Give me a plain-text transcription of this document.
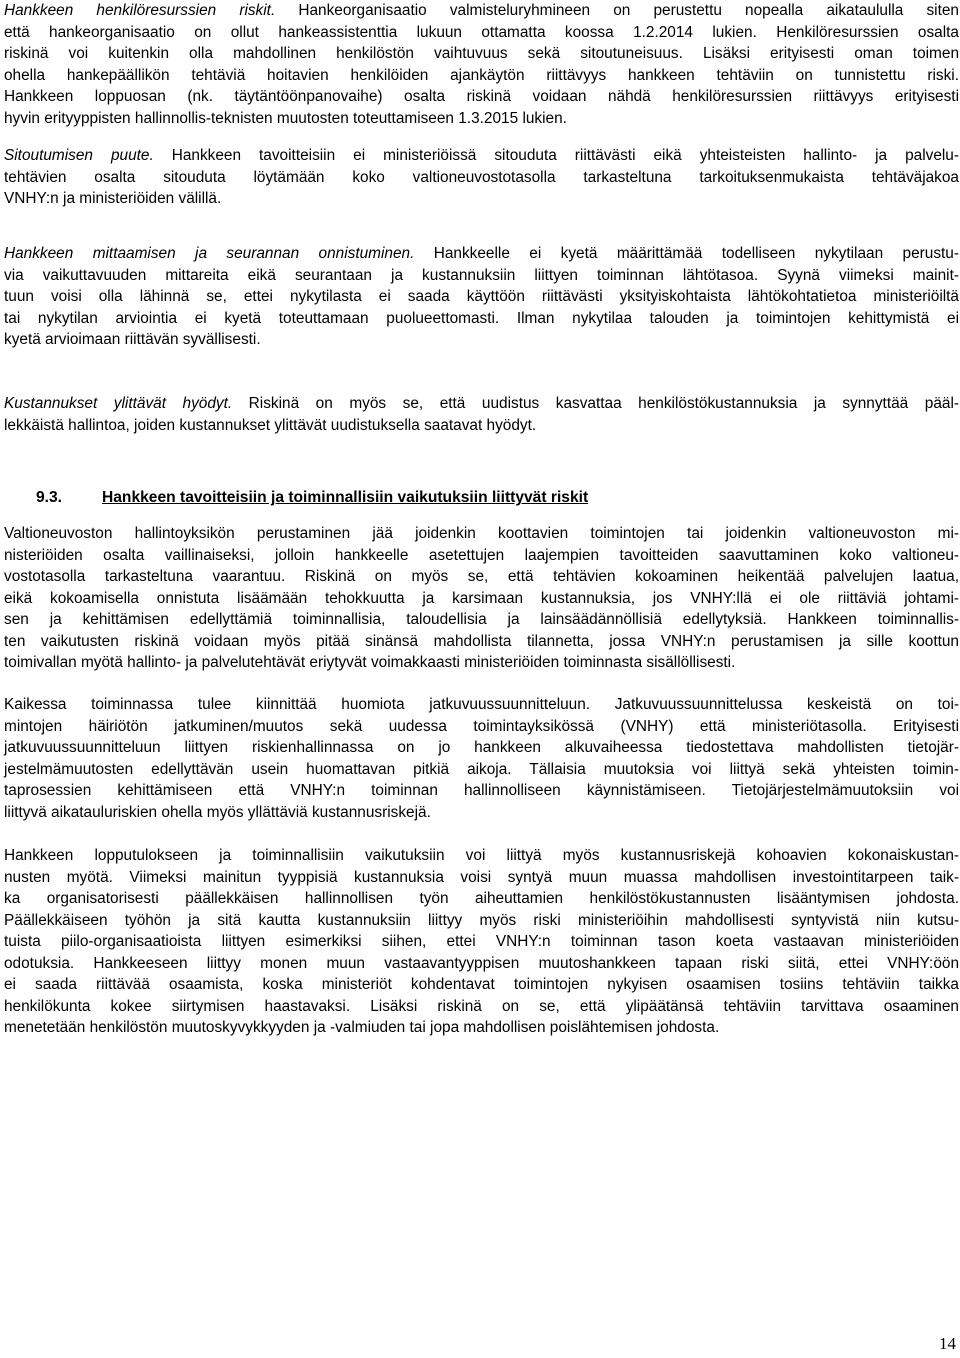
Hankkeen henkilöresurssien riskit. Hankeorganisaatio valmisteluryhmineen on perustettu nopealla aikataululla siten
että hankeorganisaatio on ollut hankeassistenttia lukuun ottamatta koossa 1.2.2014 lukien. Henkilöresurssien osalta
riskinä voi kuitenkin olla mahdollinen henkilöstön vaihtuvuus sekä sitoutuneisuus. Lisäksi erityisesti oman toimen
ohella hankepäällikön tehtäviä hoitavien henkilöiden ajankäytön riittävyys hankkeen tehtäviin on tunnistettu riski.
Hankkeen loppuosan (nk. täytäntöönpanovaihe) osalta riskinä voidaan nähdä henkilöresurssien riittävyys erityisesti
hyvin erityyppisten hallinnollis-teknisten muutosten toteuttamiseen 1.3.2015 lukien.
Sitoutumisen puute. Hankkeen tavoitteisiin ei ministeriöissä sitouduta riittävästi eikä yhteisteisten hallinto- ja palvelu-
tehtävien osalta sitouduta löytämään koko valtioneuvostotasolla tarkasteltuna tarkoituksenmukaista tehtäväjakoa
VNHY:n ja ministeriöiden välillä.
Hankkeen mittaamisen ja seurannan onnistuminen. Hankkeelle ei kyetä määrittämää todelliseen nykytilaan perustu-
via vaikuttavuuden mittareita eikä seurantaan ja kustannuksiin liittyen toiminnan lähtötasoa. Syynä viimeksi mainit-
tuun voisi olla lähinnä se, ettei nykytilasta ei saada käyttöön riittävästi yksityiskohtaista lähtökohtatietoa ministeriöiltä
tai nykytilan arviointia ei kyetä toteuttamaan puolueettomasti. Ilman nykytilaa talouden ja toimintojen kehittymistä ei
kyetä arvioimaan riittävän syvällisesti.
Kustannukset ylittävät hyödyt. Riskinä on myös se, että uudistus kasvattaa henkilöstökustannuksia ja synnyttää pääl-
lekkäistä hallintoa, joiden kustannukset ylittävät uudistuksella saatavat hyödyt.
9.3.	Hankkeen tavoitteisiin ja toiminnallisiin vaikutuksiin liittyvät riskit
Valtioneuvoston hallintoyksikön perustaminen jää joidenkin koottavien toimintojen tai joidenkin valtioneuvoston mi-
nisteriöiden osalta vaillinaiseksi, jolloin hankkeelle asetettujen laajempien tavoitteiden saavuttaminen koko valtioneu-
vostotasolla tarkasteltuna vaarantuu. Riskinä on myös se, että tehtävien kokoaminen heikentää palvelujen laatua,
eikä kokoamisella onnistuta lisäämään tehokkuutta ja karsimaan kustannuksia, jos VNHY:llä ei ole riittäviä johtami-
sen ja kehittämisen edellyttämiä toiminnallisia, taloudellisia ja lainsäädännöllisiä edellytyksiä. Hankkeen toiminnallis-
ten vaikutusten riskinä voidaan myös pitää sinänsä mahdollista tilannetta, jossa VNHY:n perustamisen ja sille koottun
toimivallan myötä hallinto- ja palvelutehtävät eriytyvät voimakkaasti ministeriöiden toiminnasta sisällöllisesti.
Kaikessa toiminnassa tulee kiinnittää huomiota jatkuvuussuunnitteluun. Jatkuvuussuunnittelussa keskeistä on toi-
mintojen häiriötön jatkuminen/muutos sekä uudessa toimintayksikössä (VNHY) että ministeriötasolla. Erityisesti
jatkuvuussuunnitteluun liittyen riskienhallinnassa on jo hankkeen alkuvaiheessa tiedostettava mahdollisten tietojär-
jestelmämuutosten edellyttävän usein huomattavan pitkiä aikoja. Tällaisia muutoksia voi liittyä sekä yhteisten toimin-
taprosessien kehittämiseen että VNHY:n toiminnan hallinnolliseen käynnistämiseen. Tietojärjestelmämuutoksiin voi
liittyvä aikatauluriskien ohella myös yllättäviä kustannusriskejä.
Hankkeen lopputulokseen ja toiminnallisiin vaikutuksiin voi liittyä myös kustannusriskejä kohoavien kokonaiskustan-
nusten myötä. Viimeksi mainitun tyyppisiä kustannuksia voisi syntyä muun muassa mahdollisen investointitarpeen taik-
ka organisatorisesti päällekkäisen hallinnollisen työn aiheuttamien henkilöstökustannusten lisääntymisen johdosta.
Päällekkäiseen työhön ja sitä kautta kustannuksiin liittyy myös riski ministeriöihin mahdollisesti syntyvistä niin kutsu-
tuista piilo-organisaatioista liittyen esimerkiksi siihen, ettei VNHY:n toiminnan tason koeta vastaavan ministeriöiden
odotuksia. Hankkeeseen liittyy monen muun vastaavantyyppisen muutoshankkeen tapaan riski siitä, ettei VNHY:öön
ei saada riittävää osaamista, koska ministeriöt kohdentavat toimintojen nykyisen osaamisen tosiins tehtäviin taikka
henkilökunta kokee siirtymisen haastavaksi. Lisäksi riskinä on se, että ylipäätänsä tehtäviin tarvittava osaaminen
menetetään henkilöstön muutoskyvykkyyden ja -valmiuden tai jopa mahdollisen poislähtemisen johdosta.
14
